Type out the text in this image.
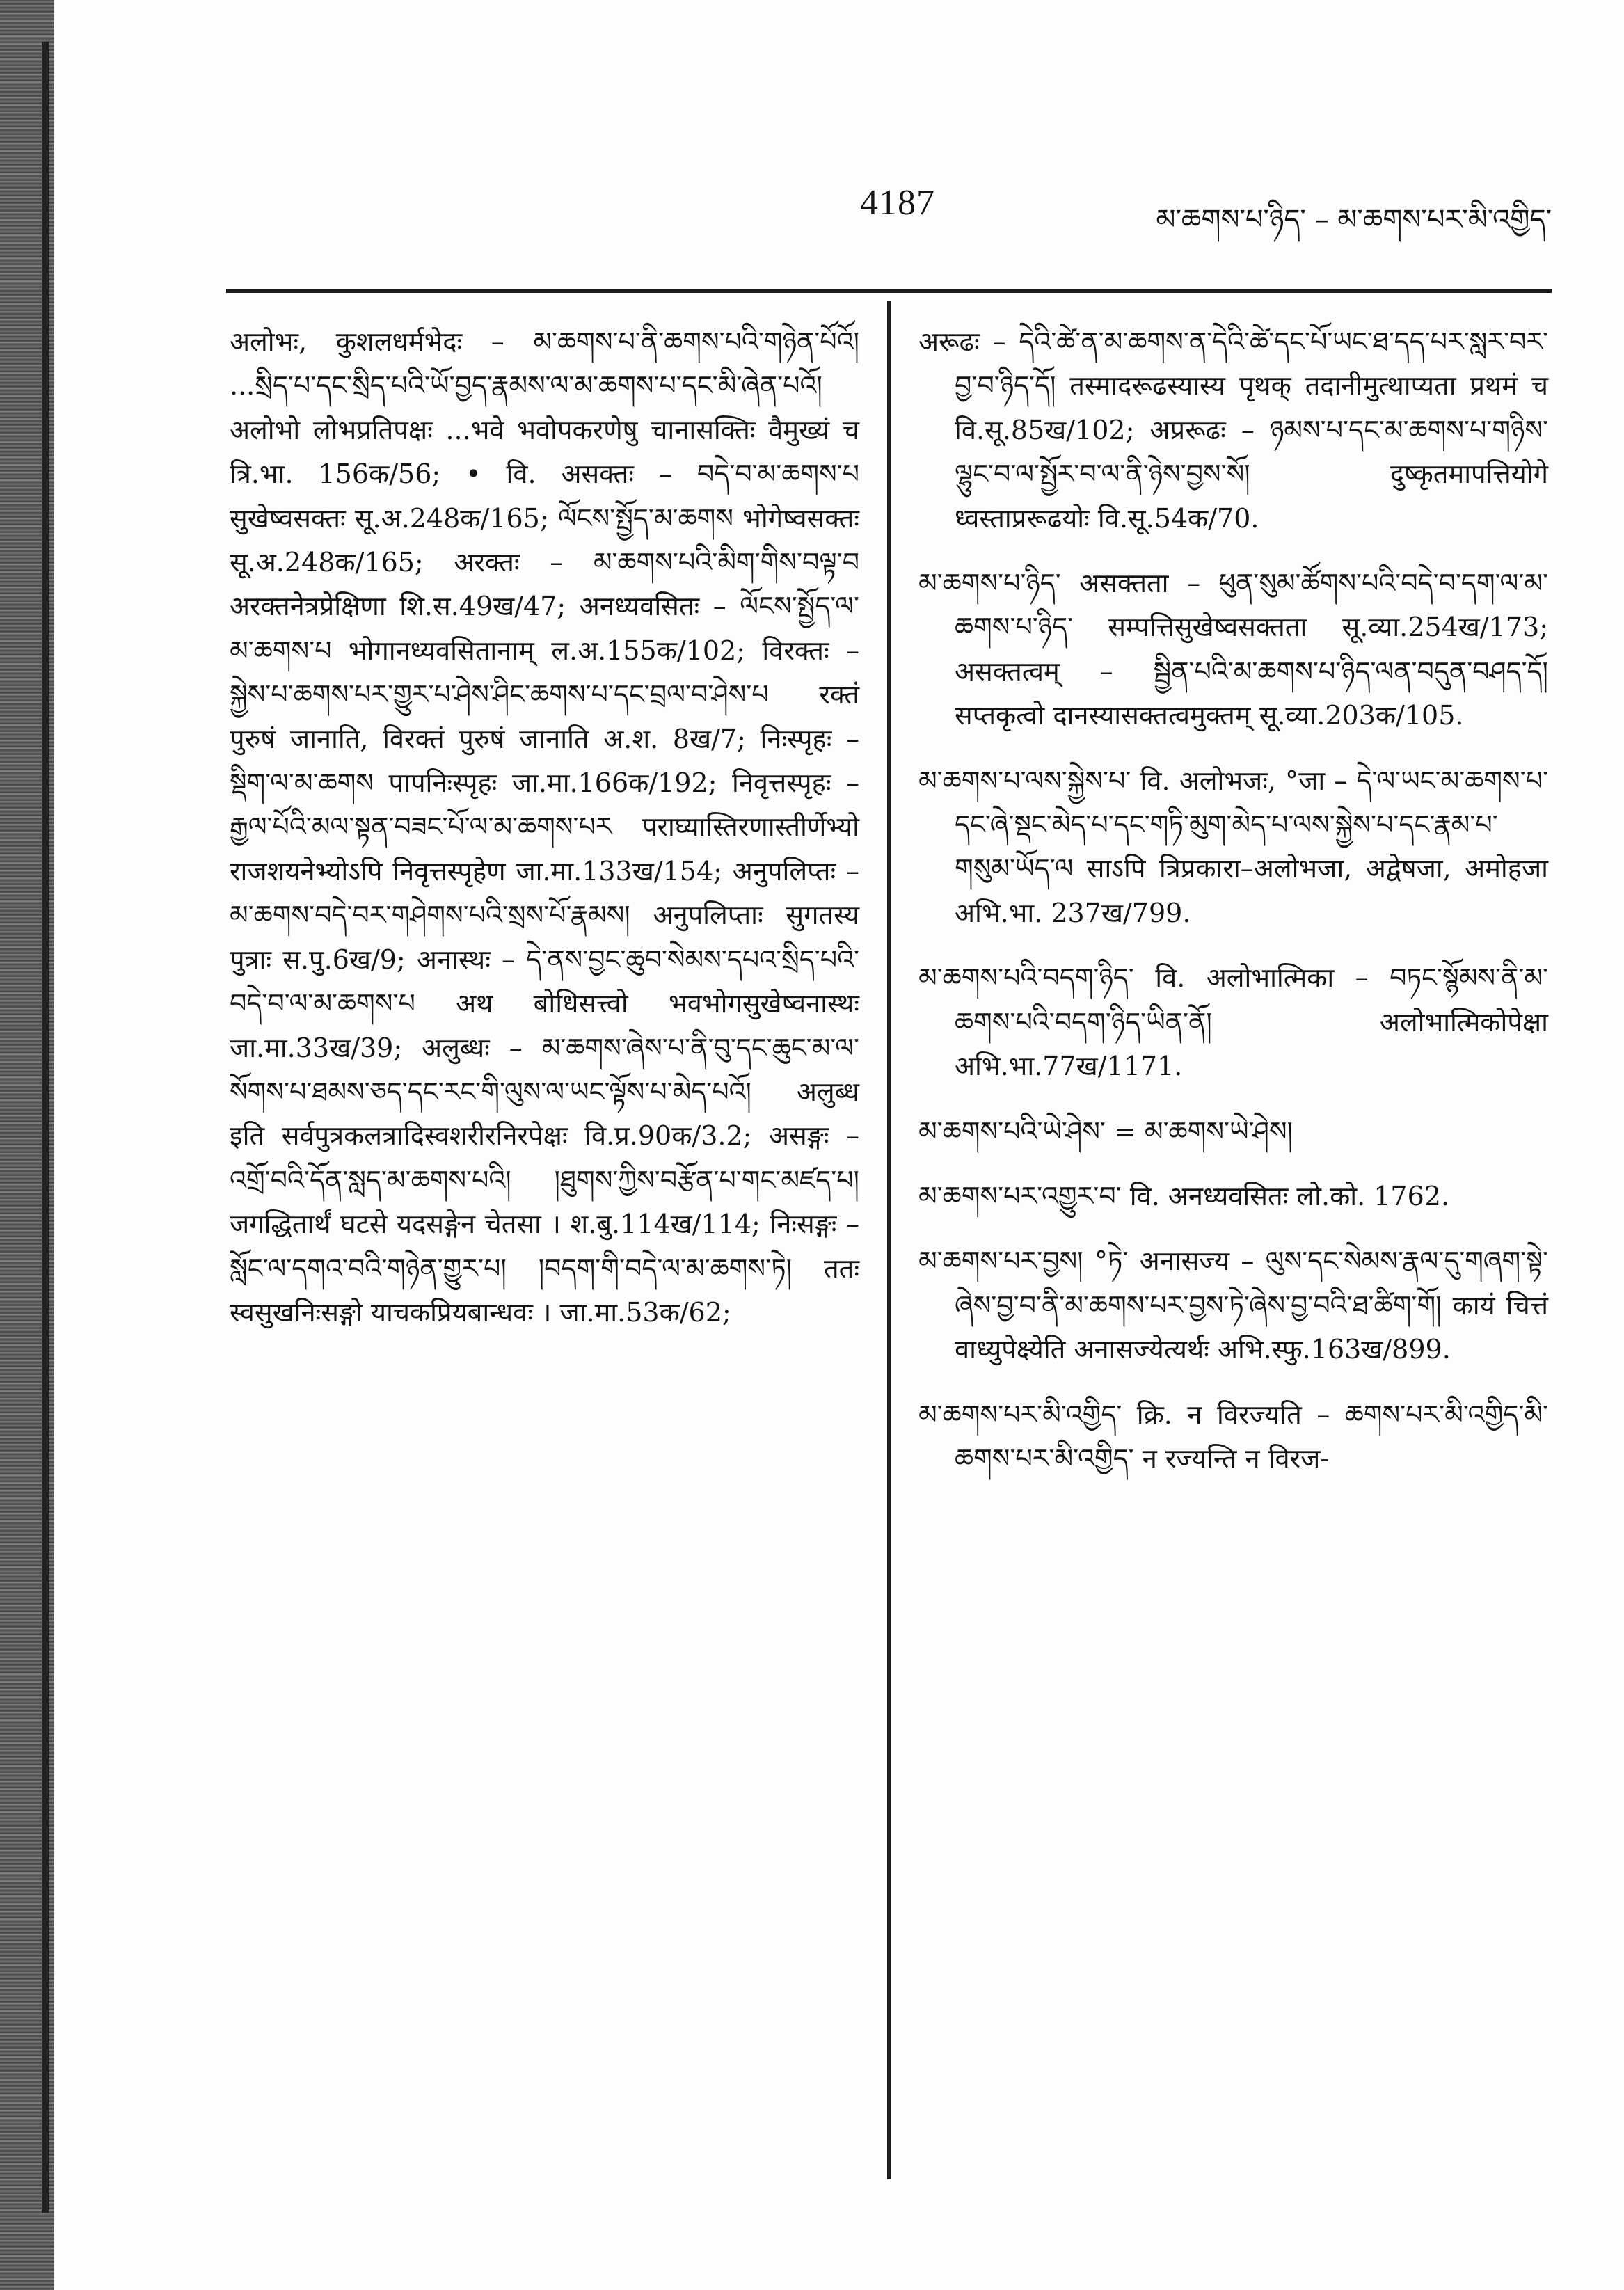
4187	མ་ཆགས་པ་ཉིད་ – མ་ཆགས་པར་མི་འགྱིད་

अलोभः, कुशलधर्मभेदः – མ་ཆགས་པ་ནི་ཆགས་པའི་གཉེན་པོའོ། ...སྲིད་པ་དང་སྲིད་པའི་ཡོ་བྱད་རྣམས་ལ་མ་ཆགས་པ་དང་མི་ཞེན་པའོ། अलोभो लोभप्रतिपक्षः ...भवे भवोपकरणेषु चानासक्तिः वैमुख्यं च त्रि.भा. 156क/56; • वि. असक्तः – བདེ་བ་མ་ཆགས་པ सुखेष्वसक्तः सू.अ.248क/165; ལོངས་སྤྱོད་མ་ཆགས भोगेष्वसक्तः सू.अ.248क/165; अरक्तः – མ་ཆགས་པའི་མིག་གིས་བལྟ་བ अरक्तनेत्रप्रेक्षिणा शि.स.49ख/47; अनध्यवसितः – ལོངས་སྤྱོད་ལ་མ་ཆགས་པ भोगानध्यवसितानाम् ल.अ.155क/102; विरक्तः – སྐྱེས་པ་ཆགས་པར་གྱུར་པ་ཤེས་ཤིང་ཆགས་པ་དང་བྲལ་བ་ཤེས་པ रक्तं पुरुषं जानाति, विरक्तं पुरुषं जानाति अ.श. 8ख/7; निःस्पृहः – སྡིག་ལ་མ་ཆགས पापनिःस्पृहः जा.मा.166क/192; निवृत्तस्पृहः – རྒྱལ་པོའི་མལ་སྟན་བཟང་པོ་ལ་མ་ཆགས་པར पराघ्यास्तिरणास्तीर्णेभ्यो राजशयनेभ्योऽपि निवृत्तस्पृहेण जा.मा.133ख/154; अनुपलिप्तः – མ་ཆགས་བདེ་བར་གཤེགས་པའི་སྲས་པོ་རྣམས། अनुपलिप्ताः सुगतस्य पुत्राः स.पु.6ख/9; अनास्थः – དེ་ནས་བྱང་ཆུབ་སེམས་དཔའ་སྲིད་པའི་བདེ་བ་ལ་མ་ཆགས་པ अथ बोधिसत्त्वो भवभोगसुखेष्वनास्थः जा.मा.33ख/39; अलुब्धः – མ་ཆགས་ཞེས་པ་ནི་བུ་དང་ཆུང་མ་ལ་སོགས་པ་ཐམས་ཅད་དང་རང་གི་ལུས་ལ་ཡང་ལྟོས་པ་མེད་པའོ། अलुब्ध इति सर्वपुत्रकलत्रादिस्वशरीरनिरपेक्षः वि.प्र.90क/3.2; असङ्गः – འགྲོ་བའི་དོན་སླད་མ་ཆགས་པའི། །ཐུགས་ཀྱིས་བརྩོན་པ་གང་མཛད་པ། जगद्धितार्थं घटसे यदसङ्गेन चेतसा । श.बु.114ख/114; निःसङ्गः – སློང་ལ་དགའ་བའི་གཉེན་གྱུར་པ། །བདག་གི་བདེ་ལ་མ་ཆགས་ཏེ། ततः स्वसुखनिःसङ्गो याचकप्रियबान्धवः । जा.मा.53क/62;

अरूढः – དེའི་ཚེ་ན་མ་ཆགས་ན་དེའི་ཚེ་དང་པོ་ཡང་ཐ་དད་པར་སླར་བར་བྱ་བ་ཉིད་དོ། तस्मादरूढस्यास्य पृथक् तदानीमुत्थाप्यता प्रथमं च वि.सू.85ख/102; अप्ररूढः – ཉམས་པ་དང་མ་ཆགས་པ་གཉིས་ལྷུང་བ་ལ་སྤྱོར་བ་ལ་ནི་ཉེས་བྱས་སོ། दुष्कृतमापत्तियोगे ध्वस्ताप्ररूढयोः वि.सू.54क/70.

མ་ཆགས་པ་ཉིད་ असक्तता – ཕུན་སུམ་ཚོགས་པའི་བདེ་བ་དག་ལ་མ་ཆགས་པ་ཉིད་ सम्पत्तिसुखेष्वसक्तता सू.व्या.254ख/173; असक्तत्वम् – སྦྱིན་པའི་མ་ཆགས་པ་ཉིད་ལན་བདུན་བཤད་དོ། सप्तकृत्वो दानस्यासक्तत्वमुक्तम् सू.व्या.203क/105.

མ་ཆགས་པ་ལས་སྐྱེས་པ་ वि. अलोभजः, °जा – དེ་ལ་ཡང་མ་ཆགས་པ་དང་ཞེ་སྡང་མེད་པ་དང་གཏི་མུག་མེད་པ་ལས་སྐྱེས་པ་དང་རྣམ་པ་གསུམ་ཡོད་ལ साऽपि त्रिप्रकारा–अलोभजा, अद्वेषजा, अमोहजा अभि.भा. 237ख/799.

མ་ཆགས་པའི་བདག་ཉིད་ वि. अलोभात्मिका – བཏང་སྙོམས་ནི་མ་ཆགས་པའི་བདག་ཉིད་ཡིན་ནོ། अलोभात्मिकोपेक्षा अभि.भा.77ख/1171.

མ་ཆགས་པའི་ཡེ་ཤེས་ = མ་ཆགས་ཡེ་ཤེས།

མ་ཆགས་པར་འགྱུར་བ་ वि. अनध्यवसितः लो.को. 1762.

མ་ཆགས་པར་བྱས། °ཏེ་ अनासज्य – ལུས་དང་སེམས་རྣལ་དུ་གཞག་སྟེ་ཞེས་བྱ་བ་ནི་མ་ཆགས་པར་བྱས་ཏེ་ཞེས་བྱ་བའི་ཐ་ཚིག་གོ། कायं चित्तं वाध्युपेक्ष्येति अनासज्येत्यर्थः अभि.स्फु.163ख/899.

མ་ཆགས་པར་མི་འགྱིད་ क्रि. न विरज्यति – ཆགས་པར་མི་འགྱིད་མི་ཆགས་པར་མི་འགྱིད་ न रज्यन्ति न विरज-
